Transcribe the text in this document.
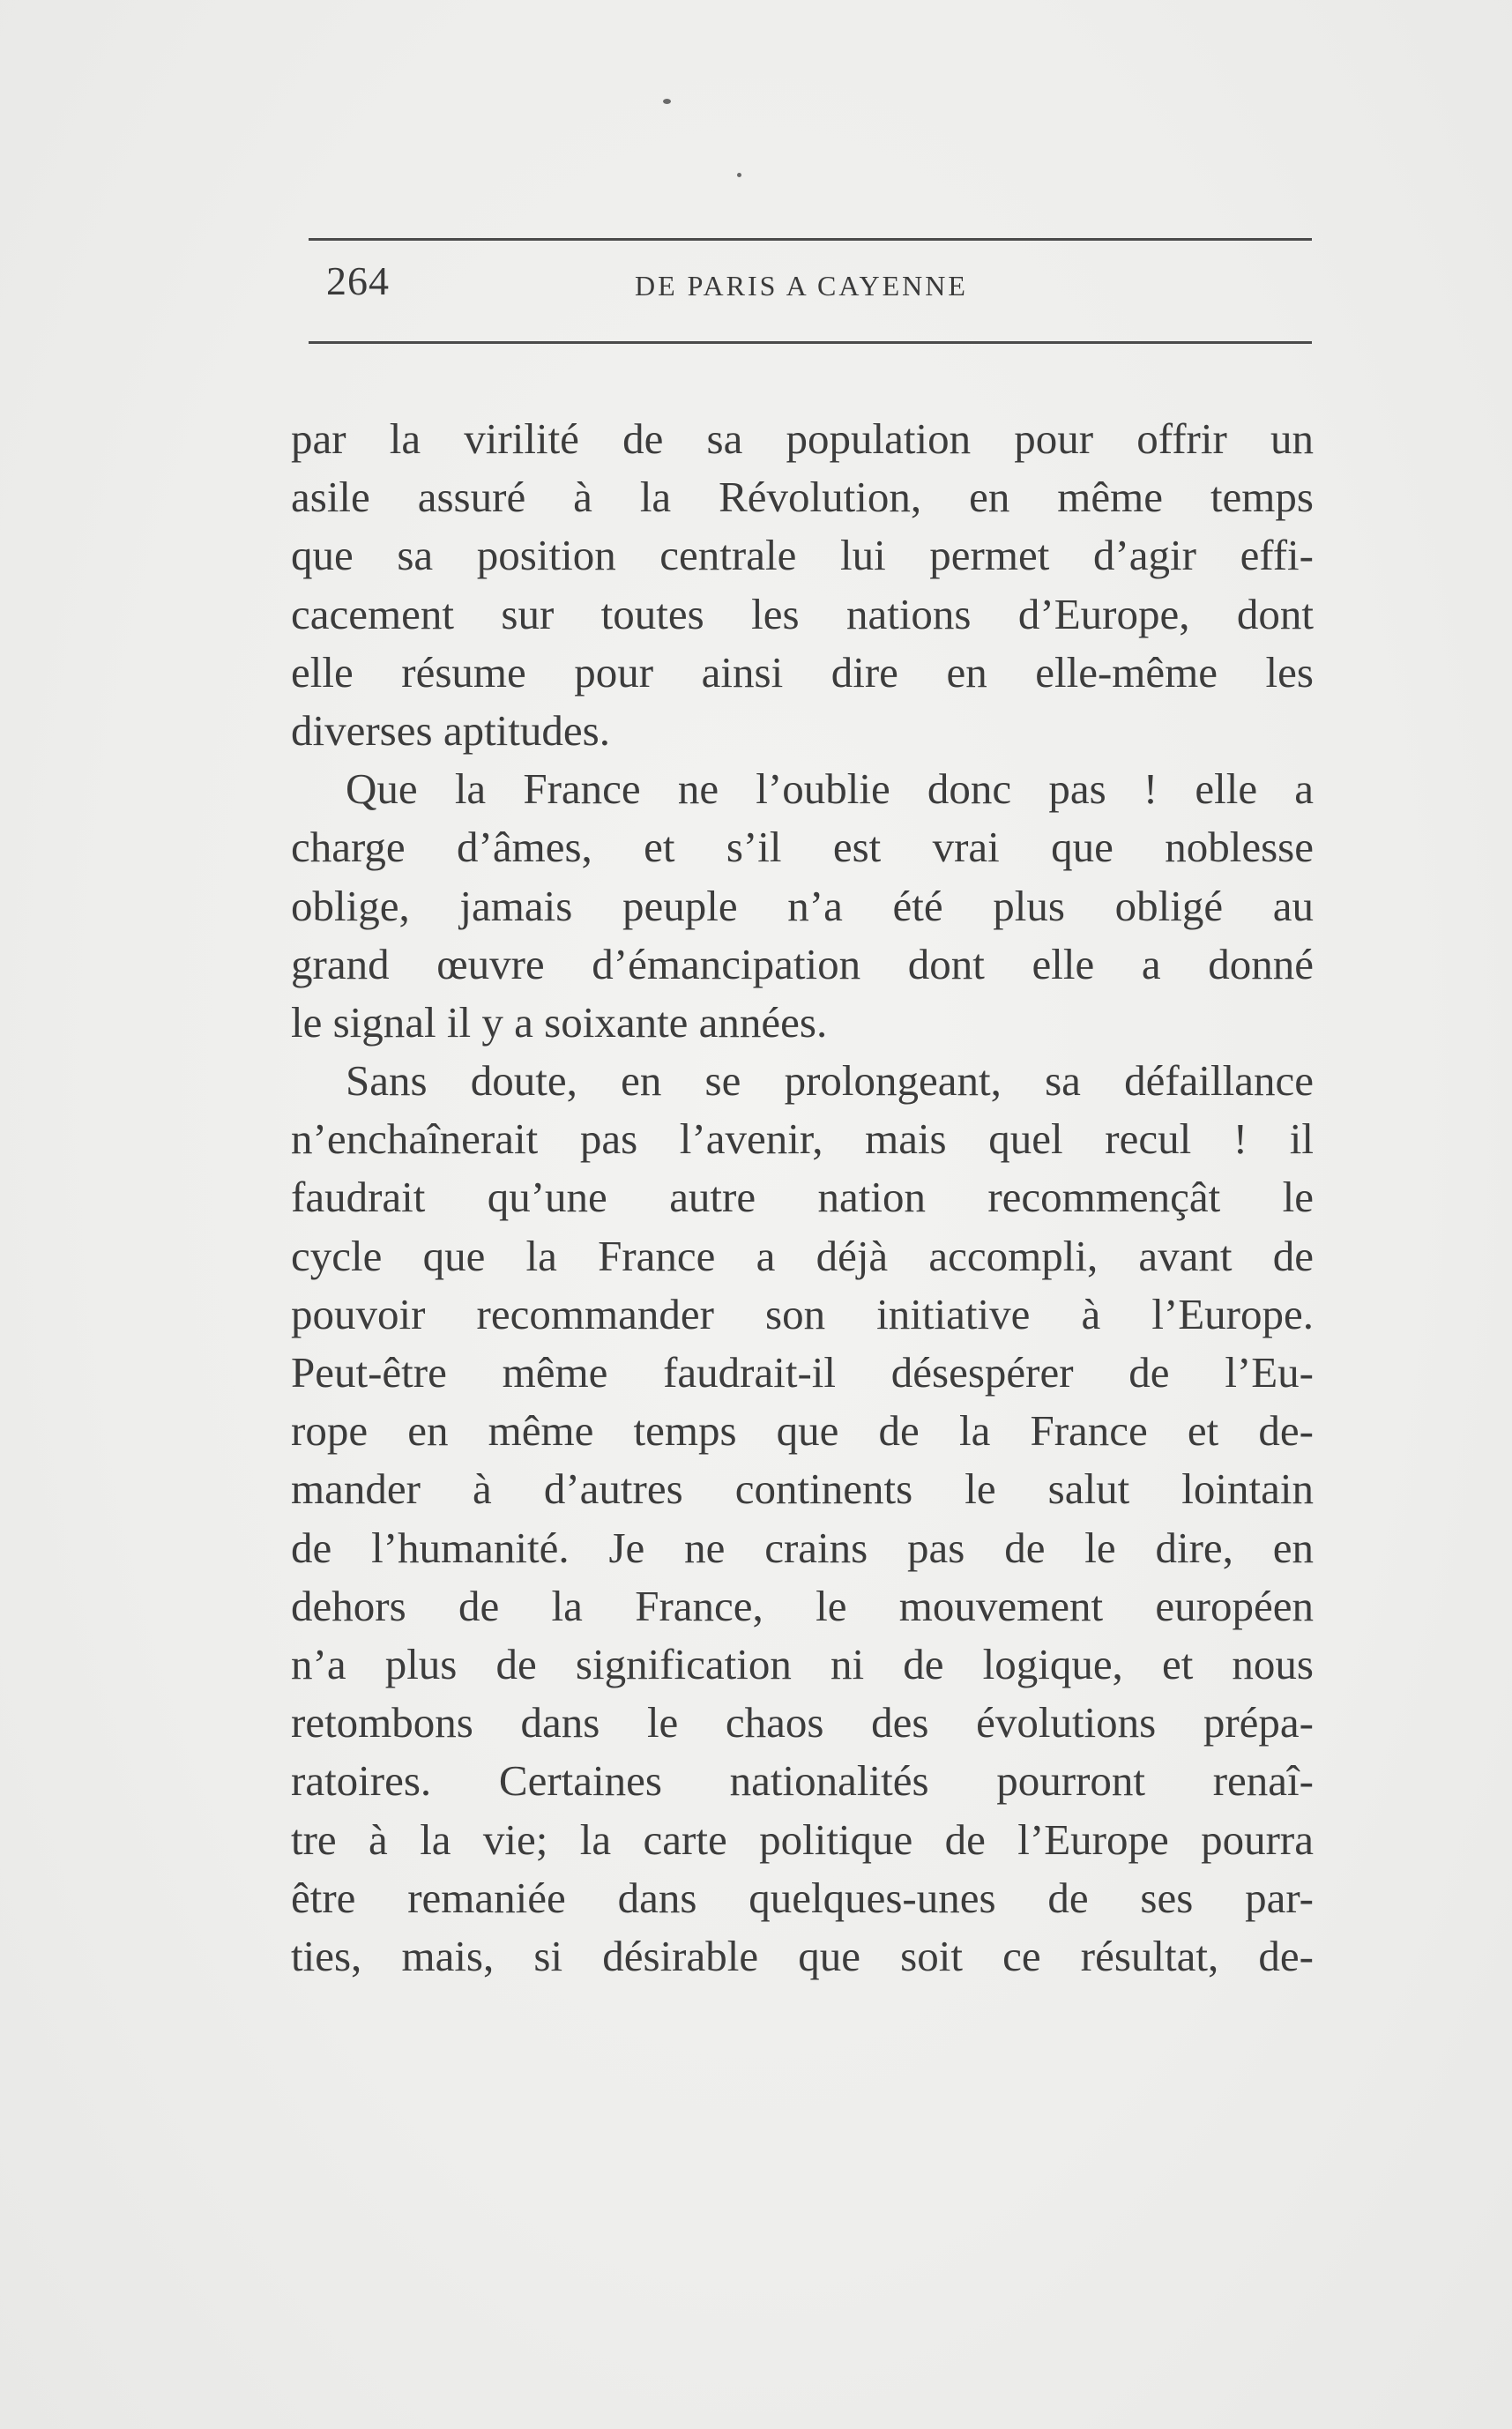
264	DE PARIS A CAYENNE
par la virilité de sa population pour offrir un
asile assuré à la Révolution, en même temps
que sa position centrale lui permet d’agir effi-
cacement sur toutes les nations d’Europe, dont
elle résume pour ainsi dire en elle-même les
diverses aptitudes.
Que la France ne l’oublie donc pas ! elle a
charge d’âmes, et s’il est vrai que noblesse
oblige, jamais peuple n’a été plus obligé au
grand œuvre d’émancipation dont elle a donné
le signal il y a soixante années.
Sans doute, en se prolongeant, sa défaillance
n’enchaînerait pas l’avenir, mais quel recul ! il
faudrait qu’une autre nation recommençât le
cycle que la France a déjà accompli, avant de
pouvoir recommander son initiative à l’Europe.
Peut-être même faudrait-il désespérer de l’Eu-
rope en même temps que de la France et de-
mander à d’autres continents le salut lointain
de l’humanité. Je ne crains pas de le dire, en
dehors de la France, le mouvement européen
n’a plus de signification ni de logique, et nous
retombons dans le chaos des évolutions prépa-
ratoires. Certaines nationalités pourront renaî-
tre à la vie; la carte politique de l’Europe pourra
être remaniée dans quelques-unes de ses par-
ties, mais, si désirable que soit ce résultat, de-
